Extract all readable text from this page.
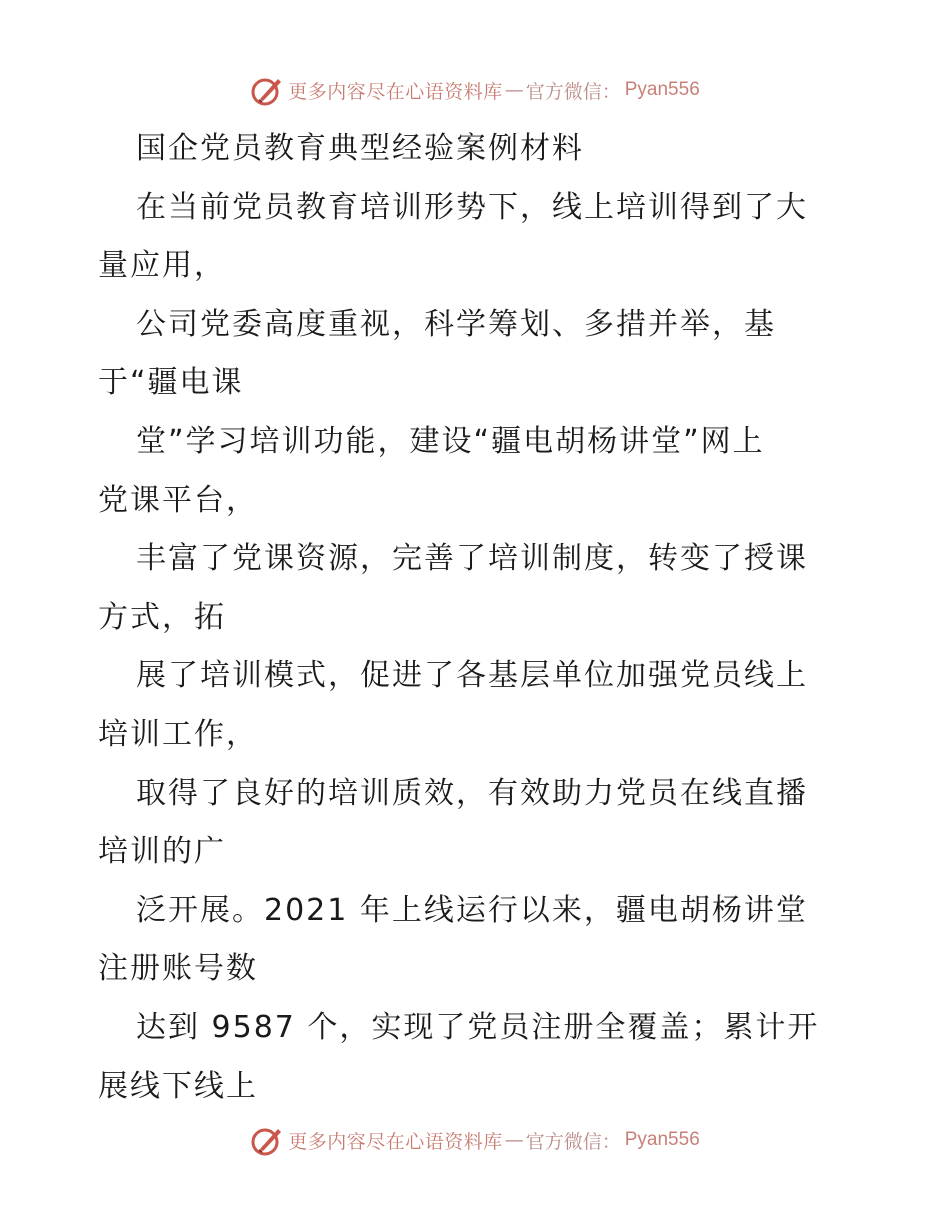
更多内容尽在心语资料库 — 官方微信： Pyan556
国企党员教育典型经验案例材料
在当前党员教育培训形势下，线上培训得到了大
量应用，
公司党委高度重视，科学筹划、多措并举，基
于“疆电课
堂”学习培训功能，建设“疆电胡杨讲堂”网上
党课平台，
丰富了党课资源，完善了培训制度，转变了授课
方式，拓
展了培训模式，促进了各基层单位加强党员线上
培训工作，
取得了良好的培训质效，有效助力党员在线直播
培训的广
泛开展。2021 年上线运行以来，疆电胡杨讲堂
注册账号数
达到 9587 个，实现了党员注册全覆盖；累计开
展线下线上
更多内容尽在心语资料库 — 官方微信： Pyan556
